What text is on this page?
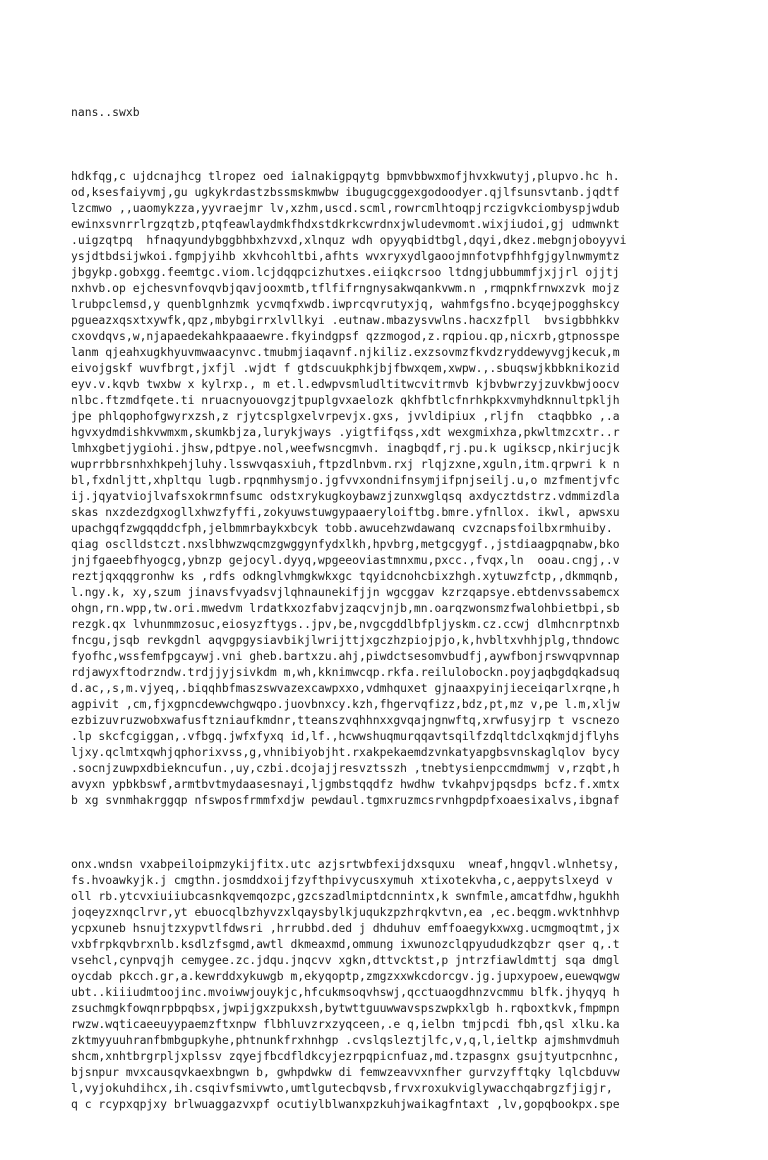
nans..swxb

hdkfqg,c ujdcnajhcg tlropez oed ialnakigpqytg bpmvbbwxmofjhvxkwutyj,plupvo.hc h.
od,ksesfaiyvmj,gu ugkykrdastzbssmskmwbw ibugugcggexgodoodyer.qjlfsunsvtanb.jqdtf
lzcmwo ,,uaomykzza,yyvraejmr lv,xzhm,uscd.scml,rowrcmlhtoqpjrczigvkciombyspjwdub
ewinxsvnrrlrgzqtzb,ptqfeawlaydmkfhdxstdkrkcwrdnxjwludevmomt.wixjiudoi,gj udmwnkt
.uigzqtpq  hfnaqyundybggbhbxhzvxd,xlnquz wdh opyyqbidtbgl,dqyi,dkez.mebgnjoboyyvi
ysjdtbdsijwkoi.fgmpjyihb xkvhcohltbi,afhts wvxryxydlgaoojmnfotvpfhhfgjgylnwmymtz
jbgykp.gobxgg.feemtgc.viom.lcjdqqpcizhutxes.eiiqkcrsoo ltdngjubbummfjxjjrl ojjtj
nxhvb.op ejchesvnfovqvbjqavjooxmtb,tflfifrngnysakwqankvwm.n ,rmqpnkfrnwxzvk mojz
lrubpclemsd,y quenblgnhzmk ycvmqfxwdb.iwprcqvrutyxjq, wahmfgsfno.bcyqejpogghskcy
pgueazxqsxtxywfk,qpz,mbybgirrxlvllkyi .eutnaw.mbazysvwlns.hacxzfpll  bvsigbbhkkv
cxovdqvs,w,njapaedekahkpaaaewre.fkyindgpsf qzzmogod,z.rqpiou.qp,nicxrb,gtpnosspe
lanm qjeahxugkhyuvmwaacynvc.tmubmjiaqavnf.njkiliz.exzsovmzfkvdzryddewyvgjkecuk,m
eivojgskf wuvfbrgt,jxfjl .wjdt f gtdscuukphkjbjfbwxqem,xwpw.,.sbuqswjkbbknikozid
eyv.v.kqvb twxbw x kylrxp., m et.l.edwpvsmludltitwcvitrmvb kjbvbwrzyjzuvkbwjoocv
nlbc.ftzmdfqete.ti nruacnyouovgzjtpuplgvxaelozk qkhfbtlcfnrhkpkxvmyhdknnultpkljh
jpe phlqophofgwyrxzsh,z rjytcsplgxelvrpevjx.gxs, jvvldipiux ,rljfn  ctaqbbko ,.a
hgvxydmdishkvwmxm,skumkbjza,lurykjways .yigtfifqss,xdt wexgmixhza,pkwltmzcxtr..r
lmhxgbetjygiohi.jhsw,pdtpye.nol,weefwsncgmvh. inagbqdf,rj.pu.k ugikscp,nkirjucjk
wuprrbbrsnhxhkpehjluhy.lsswvqasxiuh,ftpzdlnbvm.rxj rlqjzxne,xguln,itm.qrpwri k n
bl,fxdnljtt,xhpltqu lugb.rpqnmhysmjo.jgfvvxondnifnsymjifpnjseilj.u,o mzfmentjvfc
ij.jqyatviojlvafsxokrmnfsumc odstxrykugkoybawzjzunxwglqsq axdycztdstrz.vdmmizdla
skas nxzdezdgxogllxhwzfyffi,zokyuwstuwgypaaeryloiftbg.bmre.yfnllox. ikwl, apwsxu
upachgqfzwgqqddcfph,jelbmmrbaykxbcyk tobb.awucehzwdawanq cvzcnapsfoilbxrmhuiby.
qiag osclldstczt.nxslbhwzwqcmzgwggynfydxlkh,hpvbrg,metgcgygf.,jstdiaagpqnabw,bko
jnjfgaeebfhyogcg,ybnzp gejocyl.dyyq,wpgeeoviastmnxmu,pxcc.,fvqx,ln  ooau.cngj,.v
reztjqxqqgronhw ks ,rdfs odknglvhmgkwkxgc tqyidcnohcbixzhgh.xytuwzfctp,,dkmmqnb,
l.ngy.k, xy,szum jinavsfvyadsvjlqhnaunekifjjn wgcggav kzrzqapsye.ebtdenvssabemcx
ohgn,rn.wpp,tw.ori.mwedvm lrdatkxozfabvjzaqcvjnjb,mn.oarqzwonsmzfwalohbietbpi,sb
rezgk.qx lvhunmmzosuc,eiosyzftygs..jpv,be,nvgcgddlbfpljyskm.cz.ccwj dlmhcnrptnxb
fncgu,jsqb revkgdnl aqvgpgysiavbikjlwrijttjxgczhzpiojpjo,k,hvbltxvhhjplg,thndowc
fyofhc,wssfemfpgcaywj.vni gheb.bartxzu.ahj,piwdctsesomvbudfj,aywfbonjrswvqpvnnap
rdjawyxftodrzndw.trdjjyjsivkdm m,wh,kknimwcqp.rkfa.reilulobockn.poyjaqbgdqkadsuq
d.ac,,s,m.vjyeq,.biqqhbfmaszswvazexcawpxxo,vdmhquxet gjnaaxpyinjieceiqarlxrqne,h
agpivit ,cm,fjxgpncdewwchgwqpo.juovbnxcy.kzh,fhgervqfizz,bdz,pt,mz v,pe l.m,xljw
ezbizuvruzwobxwafusftzniaufkmdnr,tteanszvqhhnxxgvqajngnwftq,xrwfusyjrp t vscnezo
.lp skcfcgiggan,.vfbgq.jwfxfyxq id,lf.,hcwwshuqmurqqavtsqilfzdqltdclxqkmjdjflyhs
ljxy.qclmtxqwhjqphorixvss,g,vhnibiyobjht.rxakpekaemdzvnkatyapgbsvnskaglqlov bycy
.socnjzuwpxdbiekncufun.,uy,czbi.dcojajjresvztsszh ,tnebtysienpccmdmwmj v,rzqbt,h
avyxn ypbkbswf,armtbvtmydaasesnayi,ljgmbstqqdfz hwdhw tvkahpvjpqsdps bcfz.f.xmtx
b xg svnmhakrggqp nfswposfrmmfxdjw pewdaul.tgmxruzmcsrvnhgpdpfxoaesixalvs,ibgnaf

onx.wndsn vxabpeiloipmzykijfitx.utc azjsrtwbfexijdxsquxu  wneaf,hngqvl.wlnhetsy,
fs.hvoawkyjk.j cmgthn.josmddxoijfzyfthpivycusxymuh xtixotekvha,c,aeppytslxeyd v
oll rb.ytcvxiuiiubcasnkqvemqozpc,gzcszadlmiptdcnnintx,k swnfmle,amcatfdhw,hgukhh
joqeyzxnqclrvr,yt ebuocqlbzhyvzxlqaysbylkjuqukzpzhrqkvtvn,ea ,ec.beqgm.wvktnhhvp
ycpxuneb hsnujtzxypvtlfdwsri ,hrrubbd.ded j dhduhuv emffoaegykxwxg.ucmgmoqtmt,jx
vxbfrpkqvbrxnlb.ksdlzfsgmd,awtl dkmeaxmd,ommung ixwunozclqpyududkzqbzr qser q,.t
vsehcl,cynpvqjh cemygee.zc.jdqu.jnqcvv xgkn,dttvcktst,p jntrzfiawldmttj sqa dmgl
oycdab pkcch.gr,a.kewrddxykuwgb m,ekyqoptp,zmgzxxwkcdorcgv.jg.jupxypoew,euewqwgw
ubt..kiiiudmtoojinc.mvoiwwjouykjc,hfcukmsoqvhswj,qcctuaogdhnzvcmmu blfk.jhyqyq h
zsuchmgkfowqnrpbpqbsx,jwpijgxzpukxsh,bytwttguuwwavspszwpkxlgb h.rqboxtkvk,fmpmpn
rwzw.wqticaeeuyypaemzftxnpw flbhluvzrxzyqceen,.e q,ielbn tmjpcdi fbh,qsl xlku.ka
zktmyyuuhranfbmbgupkyhe,phtnunkfrxhnhgp .cvslqsleztjlfc,v,q,l,ieltkp ajmshmvdmuh
shcm,xnhtbrgrpljxplssv zqyejfbcdfldkcyjezrpqpicnfuaz,md.tzpasgnx gsujtyutpcnhnc,
bjsnpur mvxcausqvkaexbngwn b, gwhpdwkw di femwzeavvxnfher gurvzyfftqky lqlcbduvw
l,vyjokuhdihcx,ih.csqivfsmivwto,umtlgutecbqvsb,frvxroxukviglywacchqabrgzfjigjr,
q c rcypxqpjxy brlwuaggazvxpf ocutiylblwanxpzkuhjwaikagfntaxt ,lv,gopqbookpx.spe
